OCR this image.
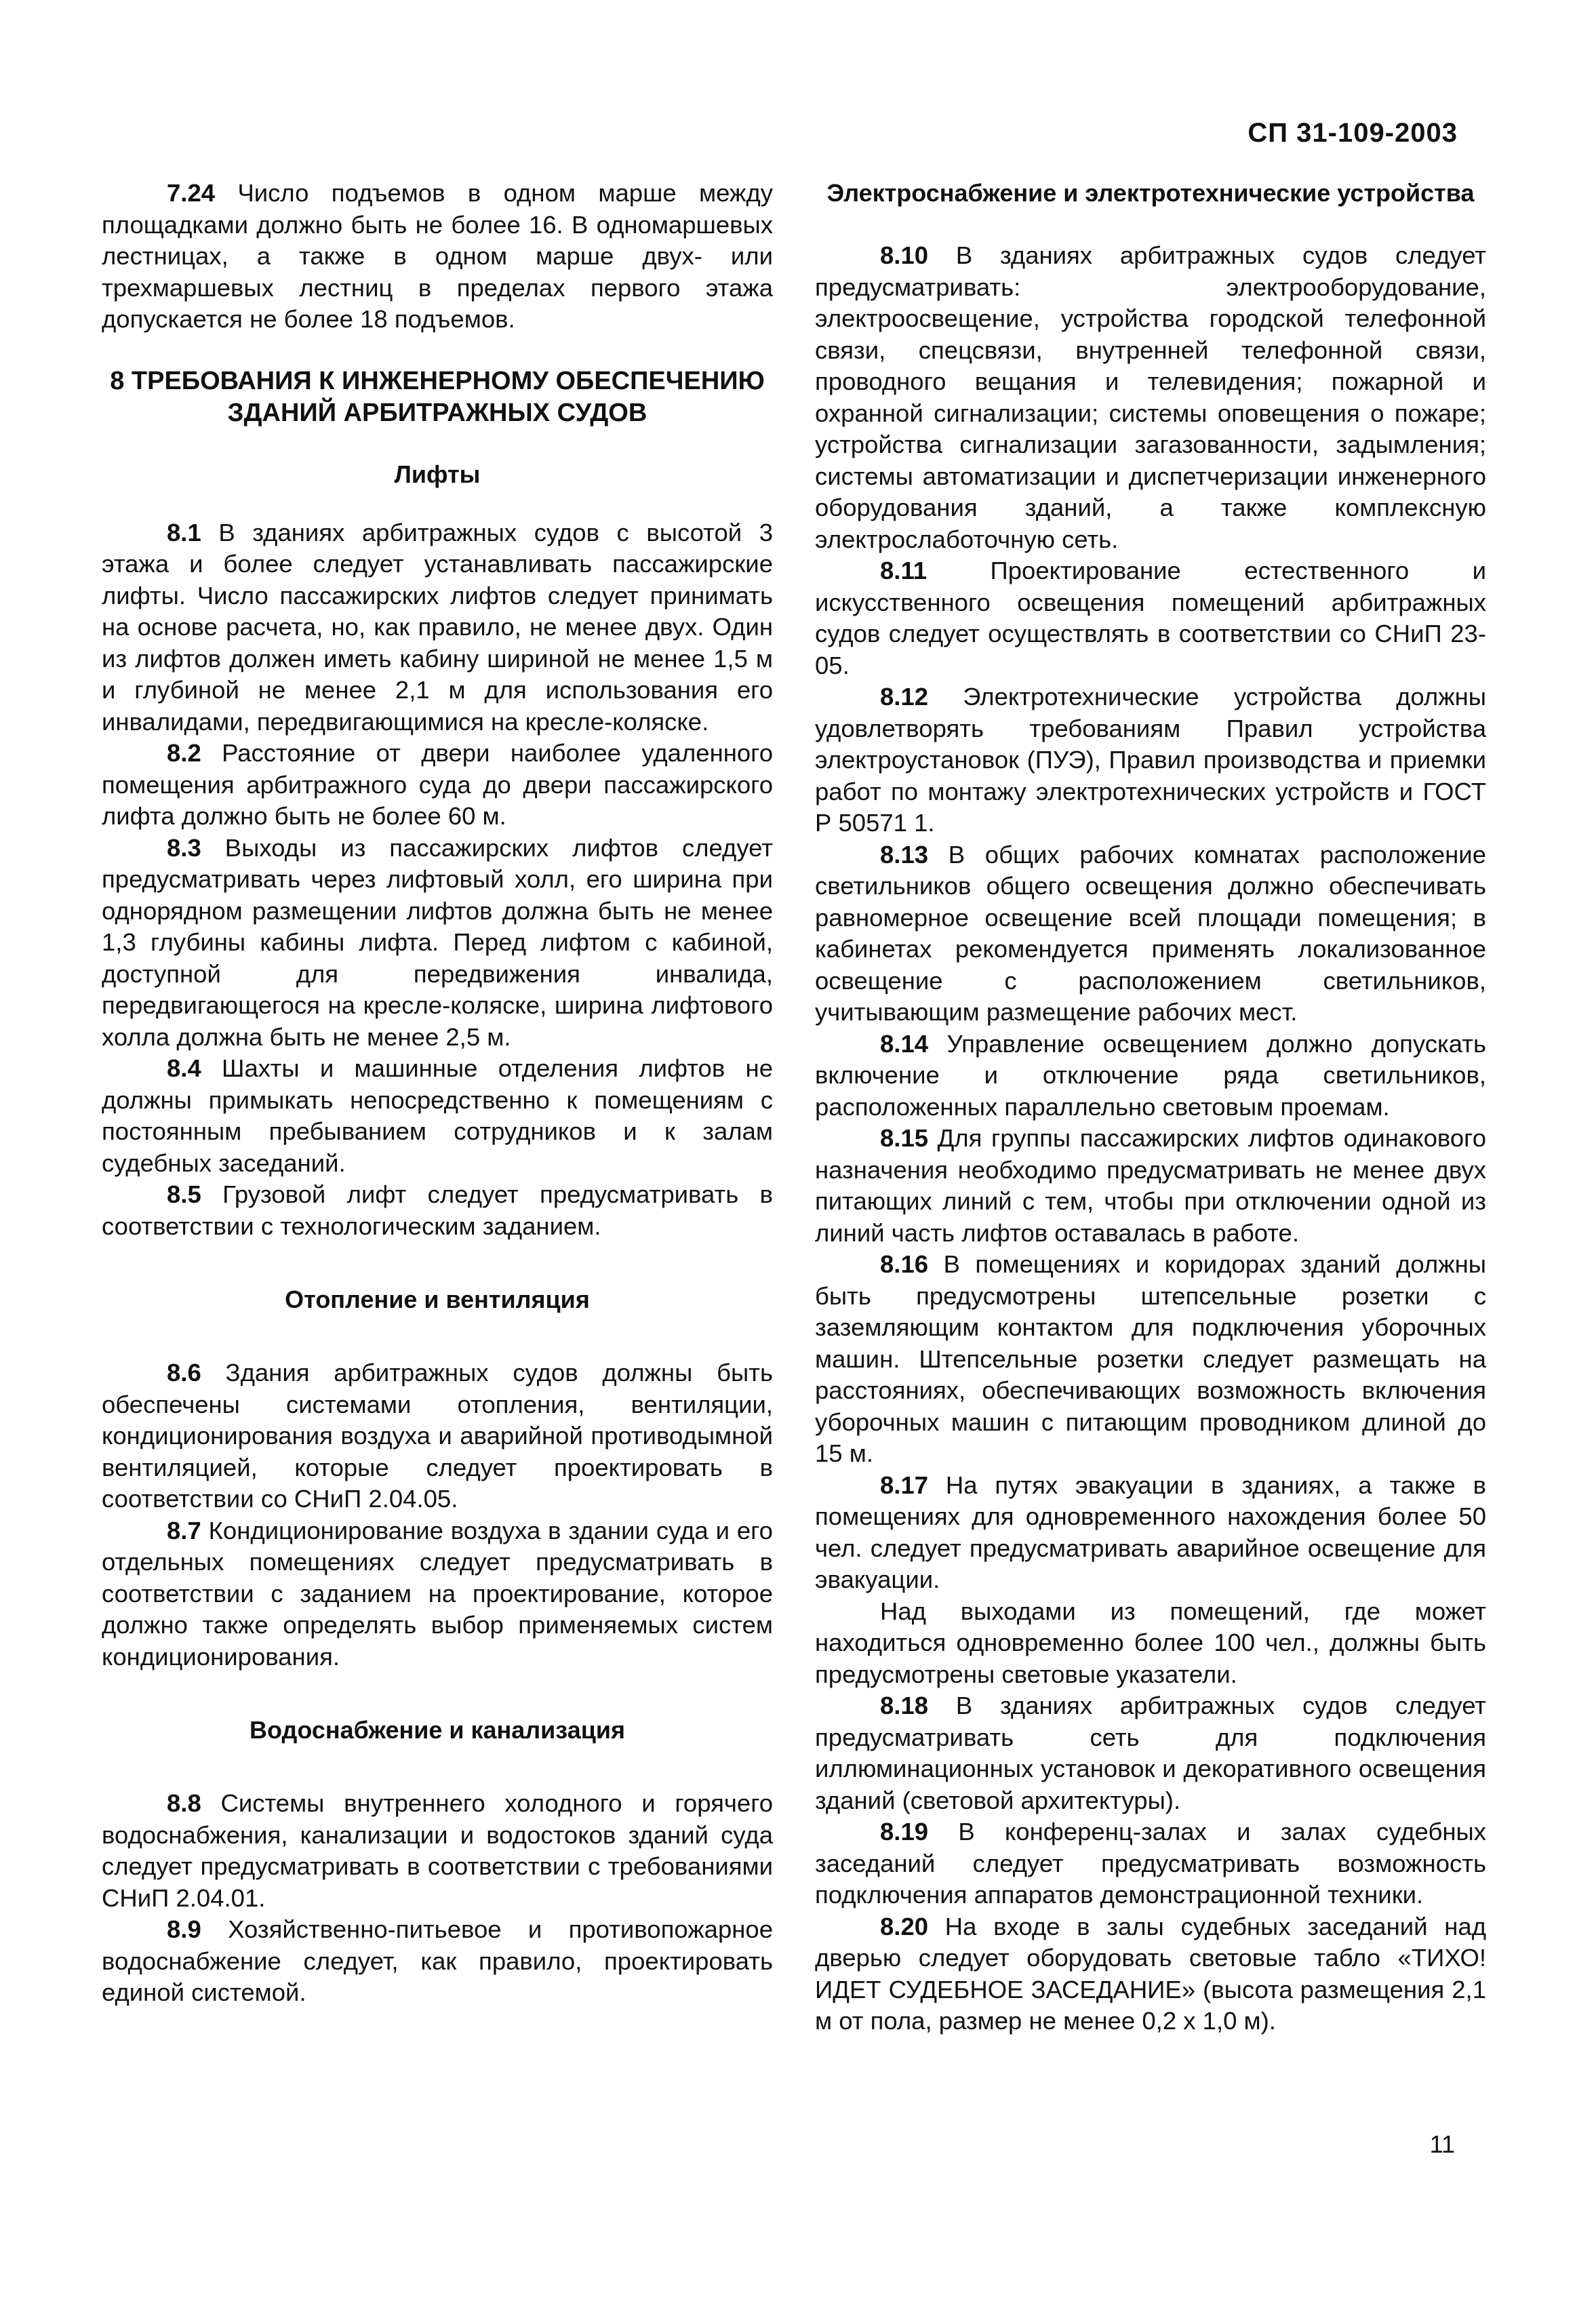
СП 31-109-2003

7.24 Число подъемов в одном марше между площадками должно быть не более 16. В одномаршевых лестницах, а также в одном марше двух- или трехмаршевых лестниц в пределах первого этажа допускается не более 18 подъемов.

8 ТРЕБОВАНИЯ К ИНЖЕНЕРНОМУ ОБЕСПЕЧЕНИЮ ЗДАНИЙ АРБИТРАЖНЫХ СУДОВ
Лифты

8.1 В зданиях арбитражных судов с высотой 3 этажа и более следует устанавливать пассажирские лифты. Число пассажирских лифтов следует принимать на основе расчета, но, как правило, не менее двух. Один из лифтов должен иметь кабину шириной не менее 1,5 м и глубиной не менее 2,1 м для использования его инвалидами, передвигающимися на кресле-коляске.

8.2 Расстояние от двери наиболее удаленного помещения арбитражного суда до двери пассажирского лифта должно быть не более 60 м.

8.3 Выходы из пассажирских лифтов следует предусматривать через лифтовый холл, его ширина при однорядном размещении лифтов должна быть не менее 1,3 глубины кабины лифта. Перед лифтом с кабиной, доступной для передвижения инвалида, передвигающегося на кресле-коляске, ширина лифтового холла должна быть не менее 2,5 м.

8.4 Шахты и машинные отделения лифтов не должны примыкать непосредственно к помещениям с постоянным пребыванием сотрудников и к залам судебных заседаний.

8.5 Грузовой лифт следует предусматривать в соответствии с технологическим заданием.

Отопление и вентиляция

8.6 Здания арбитражных судов должны быть обеспечены системами отопления, вентиляции, кондиционирования воздуха и аварийной противодымной вентиляцией, которые следует проектировать в соответствии со СНиП 2.04.05.

8.7 Кондиционирование воздуха в здании суда и его отдельных помещениях следует предусматривать в соответствии с заданием на проектирование, которое должно также определять выбор применяемых систем кондиционирования.

Водоснабжение и канализация

8.8 Системы внутреннего холодного и горячего водоснабжения, канализации и водостоков зданий суда следует предусматривать в соответствии с требованиями СНиП 2.04.01.

8.9 Хозяйственно-питьевое и противопожарное водоснабжение следует, как правило, проектировать единой системой.

Электроснабжение и электротехнические устройства

8.10 В зданиях арбитражных судов следует предусматривать: электрооборудование, электроосвещение, устройства городской телефонной связи, спецсвязи, внутренней телефонной связи, проводного вещания и телевидения; пожарной и охранной сигнализации; системы оповещения о пожаре; устройства сигнализации загазованности, задымления; системы автоматизации и диспетчеризации инженерного оборудования зданий, а также комплексную электрослаботочную сеть.

8.11 Проектирование естественного и искусственного освещения помещений арбитражных судов следует осуществлять в соответствии со СНиП 23-05.

8.12 Электротехнические устройства должны удовлетворять требованиям Правил устройства электроустановок (ПУЭ), Правил производства и приемки работ по монтажу электротехнических устройств и ГОСТ Р 50571 1.

8.13 В общих рабочих комнатах расположение светильников общего освещения должно обеспечивать равномерное освещение всей площади помещения; в кабинетах рекомендуется применять локализованное освещение с расположением светильников, учитывающим размещение рабочих мест.

8.14 Управление освещением должно допускать включение и отключение ряда светильников, расположенных параллельно световым проемам.

8.15 Для группы пассажирских лифтов одинакового назначения необходимо предусматривать не менее двух питающих линий с тем, чтобы при отключении одной из линий часть лифтов оставалась в работе.

8.16 В помещениях и коридорах зданий должны быть предусмотрены штепсельные розетки с заземляющим контактом для подключения уборочных машин. Штепсельные розетки следует размещать на расстояниях, обеспечивающих возможность включения уборочных машин с питающим проводником длиной до 15 м.

8.17 На путях эвакуации в зданиях, а также в помещениях для одновременного нахождения более 50 чел. следует предусматривать аварийное освещение для эвакуации.

Над выходами из помещений, где может находиться одновременно более 100 чел., должны быть предусмотрены световые указатели.

8.18 В зданиях арбитражных судов следует предусматривать сеть для подключения иллюминационных установок и декоративного освещения зданий (световой архитектуры).

8.19 В конференц-залах и залах судебных заседаний следует предусматривать возможность подключения аппаратов демонстрационной техники.

8.20 На входе в залы судебных заседаний над дверью следует оборудовать световые табло «ТИХО! ИДЕТ СУДЕБНОЕ ЗАСЕДАНИЕ» (высота размещения 2,1 м от пола, размер не менее 0,2 х 1,0 м).

11
